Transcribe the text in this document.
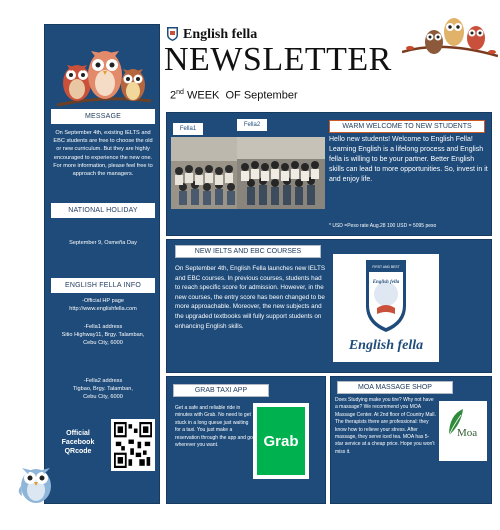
MESSAGE
On September 4th, existing IELTS and EBC students are free to choose the old or new curriculum. But they are highly encouraged to experience the new one. For more information, please feel free to approach the managers.
NATIONAL HOLIDAY
September 9, Osmeña Day
ENGLISH FELLA INFO
-Official HP page
http://www.englishfella.com
-Fella1 address
Sitio Highway11, Brgy. Talamban,
Cebu City, 6000
-Fella2 address
Tigbao, Brgy. Talamban,
Cebu City, 6000
Official Facebook QRcode
English fella
NEWSLETTER
2nd WEEK  OF September
Fella1
Fella2	WARM WELCOME TO NEW STUDENTS
Hello new students! Welcome to English Fella! Learning English is a lifelong process and English fella is willing to be your partner. Better English skills can lead to more opportunities. So, invest in it and enjoy life.
* USD =Peso rate Aug.28 100 USD = 5095 peso
NEW IELTS AND EBC COURSES
On September 4th, English Fella launches new IELTS and EBC courses. In previous courses, students had to reach specific score for admission. However, in the new courses, the entry score has been changed to be more approachable. Moreover, the new subjects and the upgraded textbooks will fully support students on enhancing English skills.
FIRST AND BEST
English fella
English fella
GRAB TAXI APP
Get a safe and reliable ride in minutes with Grab. No need to get stuck in a long queue just waiting for a taxi. You just make a reservation through the app and go wherever you want.	Grab
MOA MASSAGE SHOP
Does Studying make you tire? Why not have a massage? We recommend you MOA Massage Center. At 2nd floor of Country Mall. The therapists there are professional: they know how to relieve your stress. After massage, they serve iced tea. MOA has 5-star service at a cheap price. Hope you won't miss it.
Moa
